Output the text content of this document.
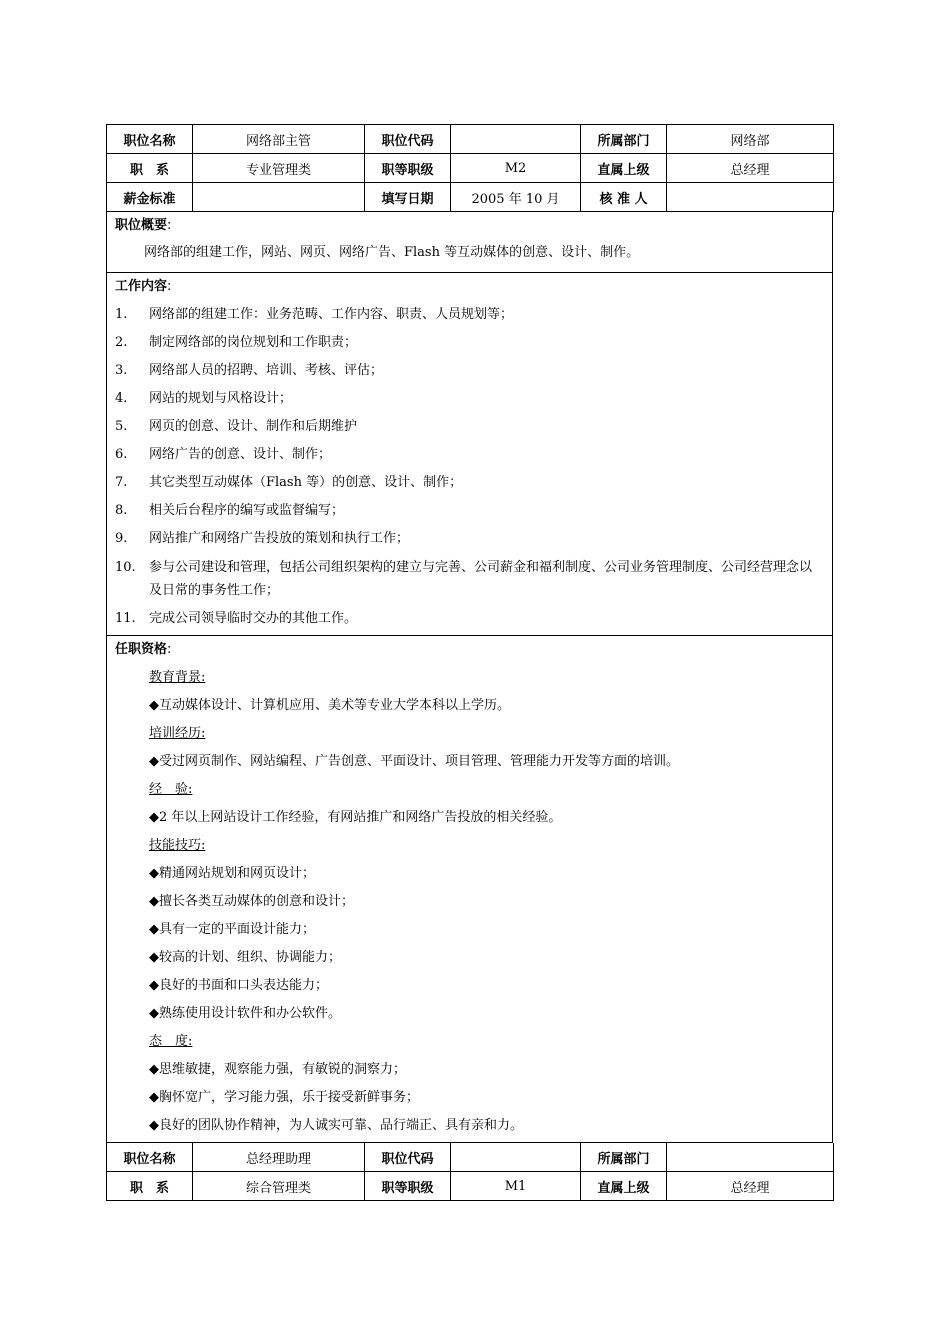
职位名称	网络部主管	职位代码		所属部门	网络部
职　系	专业管理类	职等职级	M2	直属上级	总经理
薪金标准		填写日期	2005 年 10 月	核 准 人	
职位概要:
网络部的组建工作，网站、网页、网络广告、Flash 等互动媒体的创意、设计、制作。
工作内容:
1.	网络部的组建工作：业务范畴、工作内容、职责、人员规划等；
2.	制定网络部的岗位规划和工作职责；
3.	网络部人员的招聘、培训、考核、评估；
4.	网站的规划与风格设计；
5.	网页的创意、设计、制作和后期维护
6.	网络广告的创意、设计、制作；
7.	其它类型互动媒体（Flash 等）的创意、设计、制作；
8.	相关后台程序的编写或监督编写；
9.	网站推广和网络广告投放的策划和执行工作；
10.	参与公司建设和管理，包括公司组织架构的建立与完善、公司薪金和福利制度、公司业务管理制度、公司经营理念以及日常的事务性工作；
11.	完成公司领导临时交办的其他工作。
任职资格:
教育背景:
◆互动媒体设计、计算机应用、美术等专业大学本科以上学历。
培训经历:
◆受过网页制作、网站编程、广告创意、平面设计、项目管理、管理能力开发等方面的培训。
经　验:
◆2 年以上网站设计工作经验，有网站推广和网络广告投放的相关经验。
技能技巧:
◆精通网站规划和网页设计；
◆擅长各类互动媒体的创意和设计；
◆具有一定的平面设计能力；
◆较高的计划、组织、协调能力；
◆良好的书面和口头表达能力；
◆熟练使用设计软件和办公软件。
态　度:
◆思维敏捷，观察能力强，有敏锐的洞察力；
◆胸怀宽广，学习能力强，乐于接受新鲜事务；
◆良好的团队协作精神，为人诚实可靠、品行端正、具有亲和力。
职位名称	总经理助理	职位代码		所属部门	
职　系	综合管理类	职等职级	M1	直属上级	总经理
